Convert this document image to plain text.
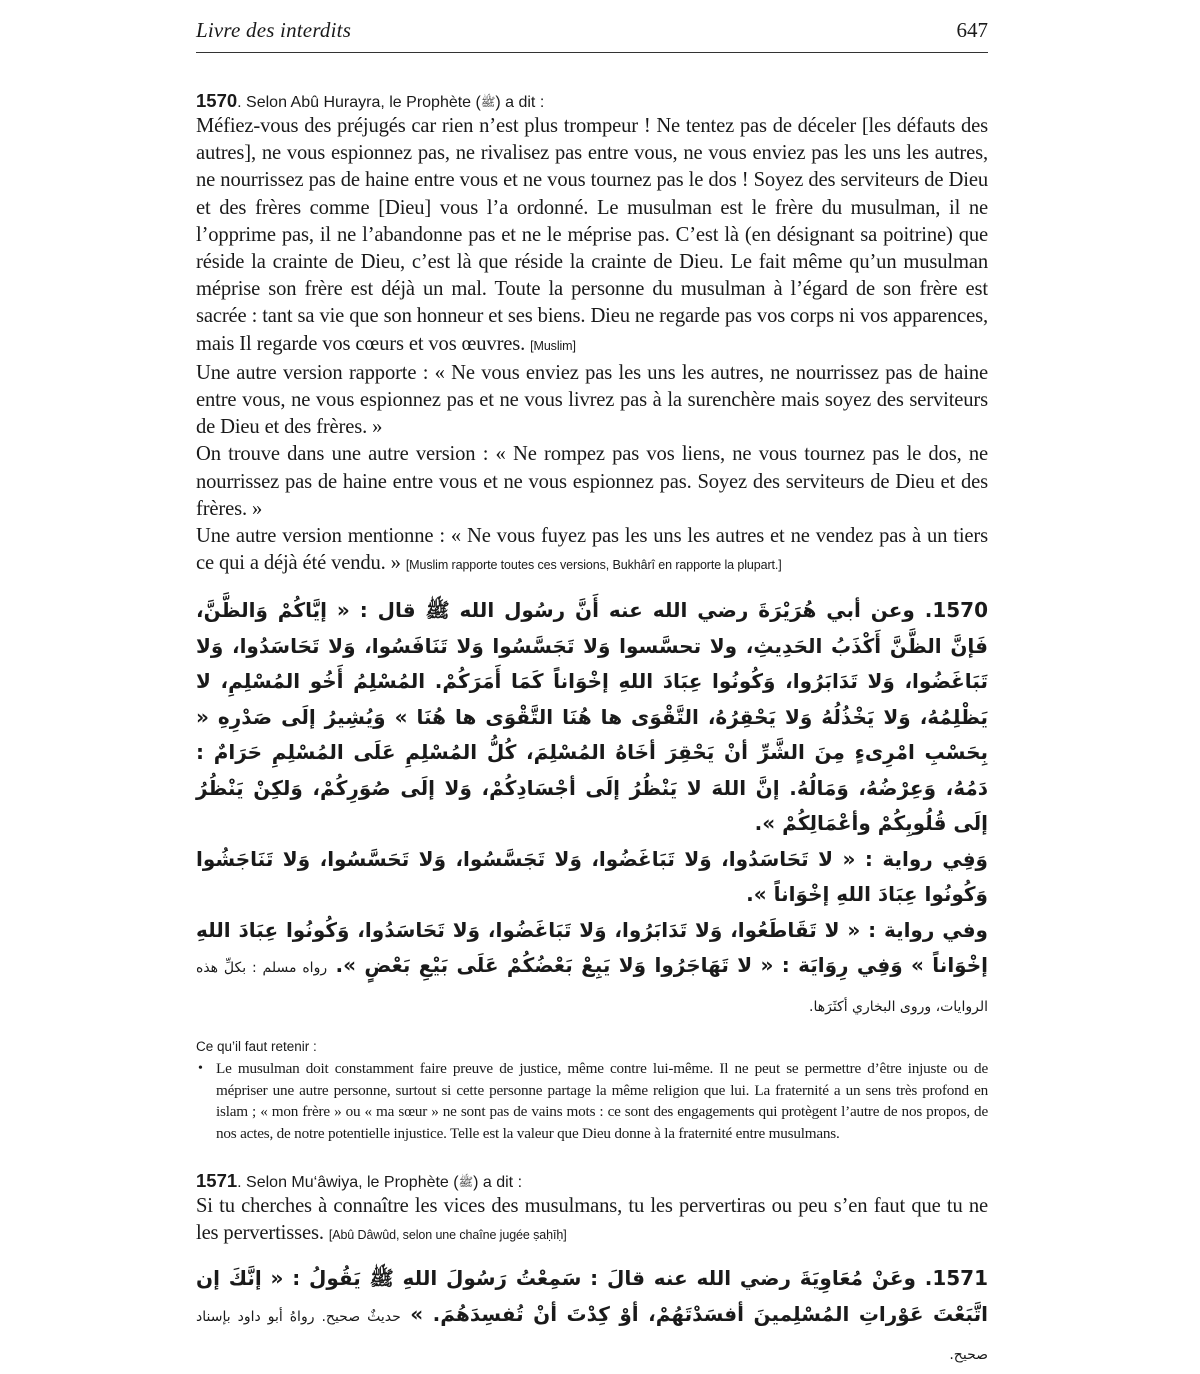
Livre des interdits	647

1570. Selon Abû Hurayra, le Prophète (ﷺ) a dit :

Méfiez-vous des préjugés car rien n’est plus trompeur ! Ne tentez pas de déceler [les défauts des autres], ne vous espionnez pas, ne rivalisez pas entre vous, ne vous enviez pas les uns les autres, ne nourrissez pas de haine entre vous et ne vous tournez pas le dos ! Soyez des serviteurs de Dieu et des frères comme [Dieu] vous l’a ordonné. Le musulman est le frère du musulman, il ne l’opprime pas, il ne l’abandonne pas et ne le méprise pas. C’est là (en désignant sa poitrine) que réside la crainte de Dieu, c’est là que réside la crainte de Dieu. Le fait même qu’un musulman méprise son frère est déjà un mal. Toute la personne du musulman à l’égard de son frère est sacrée : tant sa vie que son honneur et ses biens. Dieu ne regarde pas vos corps ni vos apparences, mais Il regarde vos cœurs et vos œuvres. [Muslim]

Une autre version rapporte : « Ne vous enviez pas les uns les autres, ne nourrissez pas de haine entre vous, ne vous espionnez pas et ne vous livrez pas à la surenchère mais soyez des serviteurs de Dieu et des frères. »

On trouve dans une autre version : « Ne rompez pas vos liens, ne vous tournez pas le dos, ne nourrissez pas de haine entre vous et ne vous espionnez pas. Soyez des serviteurs de Dieu et des frères. »

Une autre version mentionne : « Ne vous fuyez pas les uns les autres et ne vendez pas à un tiers ce qui a déjà été vendu. » [Muslim rapporte toutes ces versions, Bukhârî en rapporte la plupart.]

1570. وعن أبي هُرَيْرَةَ رضي الله عنه أَنَّ رسُول الله ﷺ قال : « إيَّاكُمْ وَالظَّنَّ، فَإنَّ الظَّنَّ أَكْذَبُ الحَدِيثِ، ولا تحسَّسوا وَلا تَجَسَّسُوا وَلا تَنَافَسُوا، وَلا تَحَاسَدُوا، وَلا تَبَاغَضُوا، وَلا تَدَابَرُوا، وَكُونُوا عِبَادَ اللهِ إخْوَاناً كَمَا أَمَرَكُمْ. المُسْلِمُ أَخُو المُسْلِمِ، لا يَظْلِمُهُ، وَلا يَخْذُلُهُ وَلا يَحْقِرُهُ، التَّقْوَى ها هُنَا التَّقْوَى ها هُنَا » وَيُشِيرُ إلَى صَدْرِهِ « بِحَسْبِ امْرِىءٍ مِنَ الشَّرِّ أنْ يَحْقِرَ أخَاهُ المُسْلِمَ، كُلُّ المُسْلِمِ عَلَى المُسْلِمِ حَرَامٌ : دَمُهُ، وَعِرْضُهُ، وَمَالُهُ. إنَّ اللهَ لا يَنْظُرُ إلَى أجْسَادِكُمْ، وَلا إلَى صُوَرِكُمْ، وَلكِنْ يَنْظُرُ إلَى قُلُوبِكُمْ وأعْمَالِكُمْ ».

وَفِي رواية : « لا تَحَاسَدُوا، وَلا تَبَاغَضُوا، وَلا تَجَسَّسُوا، وَلا تَحَسَّسُوا، وَلا تَنَاجَشُوا وَكُونُوا عِبَادَ اللهِ إخْوَاناً ».

وفي رواية : « لا تَقَاطَعُوا، وَلا تَدَابَرُوا، وَلا تَبَاغَضُوا، وَلا تَحَاسَدُوا، وَكُونُوا عِبَادَ اللهِ إخْوَاناً » وَفِي رِوَايَة : « لا تَهَاجَرُوا وَلا يَبِعْ بَعْضُكُمْ عَلَى بَيْعِ بَعْضٍ ». رواه مسلم : بكلِّ هذه الروايات، وروى البخاري أكثَرَها.

Ce qu’il faut retenir :

• Le musulman doit constamment faire preuve de justice, même contre lui-même. Il ne peut se permettre d’être injuste ou de mépriser une autre personne, surtout si cette personne partage la même religion que lui. La fraternité a un sens très profond en islam ; « mon frère » ou « ma sœur » ne sont pas de vains mots : ce sont des engagements qui protègent l’autre de nos propos, de nos actes, de notre potentielle injustice. Telle est la valeur que Dieu donne à la fraternité entre musulmans.

1571. Selon Mu‘âwiya, le Prophète (ﷺ) a dit :

Si tu cherches à connaître les vices des musulmans, tu les pervertiras ou peu s’en faut que tu ne les pervertisses. [Abû Dâwûd, selon une chaîne jugée ṣaḥīḥ]

1571. وعَنْ مُعَاوِيَةَ رضي الله عنه قالَ : سَمِعْتُ رَسُولَ اللهِ ﷺ يَقُولُ : « إنَّكَ إن اتَّبَعْتَ عَوْراتِ المُسْلِمينَ أفسَدْتَهُمْ، أوْ كِدْتَ أنْ تُفسِدَهُمَ. » حديثٌ صحيح. رواهُ أبو داود بإسناد صحيح.
